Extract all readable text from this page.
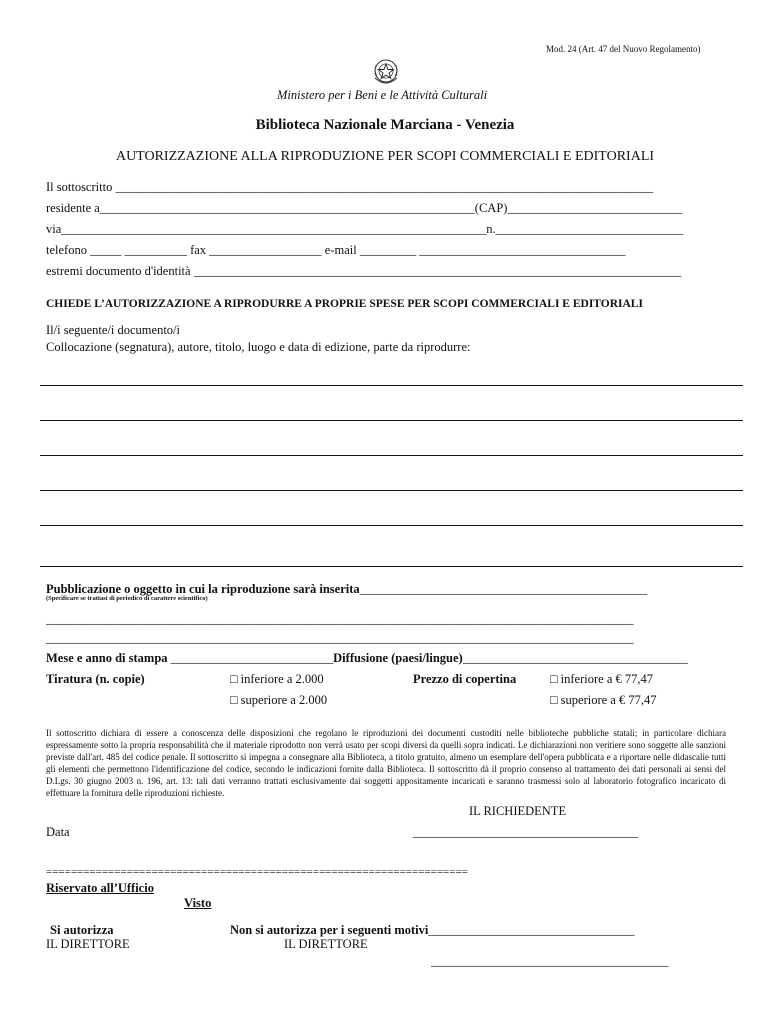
Mod. 24 (Art. 47 del Nuovo Regolamento)
Ministero per i Beni e le Attività Culturali
Biblioteca Nazionale Marciana - Venezia
AUTORIZZAZIONE ALLA RIPRODUZIONE PER SCOPI COMMERCIALI E EDITORIALI
Il sottoscritto ______________________________________________________________________________________
residente a____________________________________________________________(CAP)____________________________
via____________________________________________________________________n.______________________________
telefono _____ __________ fax __________________ e-mail _________ _________________________________
estremi documento d'identità ______________________________________________________________________________
CHIEDE L’AUTORIZZAZIONE A RIPRODURRE A PROPRIE SPESE PER SCOPI COMMERCIALI E EDITORIALI
Il/i seguente/i documento/i
Collocazione (segnatura), autore, titolo, luogo e data di edizione, parte da riprodurre:
Pubblicazione o oggetto in cui la riproduzione sarà inserita______________________________________________
(Specificare se trattasi di periodico di carattere scientifico)
______________________________________________________________________________________________
______________________________________________________________________________________________
Mese e anno di stampa __________________________Diffusione (paesi/lingue)____________________________________
Tiratura (n. copie)	□ inferiore a 2.000
□ superiore a 2.000
Prezzo di copertina	□ inferiore a € 77,47
□ superiore a € 77,47
Il sottoscritto dichiara di essere a conoscenza delle disposizioni che regolano le riproduzioni dei documenti custoditi nelle biblioteche pubbliche statali; in particolare dichiara espressamente sotto la propria responsabilità che il materiale riprodotto non verrà usato per scopi diversi da quelli sopra indicati. Le dichiarazioni non veritiere sono soggette alle sanzioni previste dall'art. 485 del codice penale. Il sottoscritto si impegna a consegnare alla Biblioteca, a titolo gratuito, almeno un esemplare dell'opera pubblicata e a riportare nelle didascalie tutti gli elementi che permettono l'identificazione del codice, secondo le indicazioni fornite dalla Biblioteca. Il sottoscritto dà il proprio consenso al trattamento dei dati personali ai sensi del D.Lgs. 30 giugno 2003 n. 196, art. 13: tali dati verranno trattati esclusivamente dai soggetti appositamente incaricati e saranno trasmessi solo al laboratorio fotografico incaricato di effettuare la fornitura delle riproduzioni richieste.
IL RICHIEDENTE
Data	____________________________________
====================================================================
Riservato all’Ufficio
Visto
Si autorizza
IL DIRETTORE
Non si autorizza per i seguenti motivi_________________________________
IL DIRETTORE
______________________________________
